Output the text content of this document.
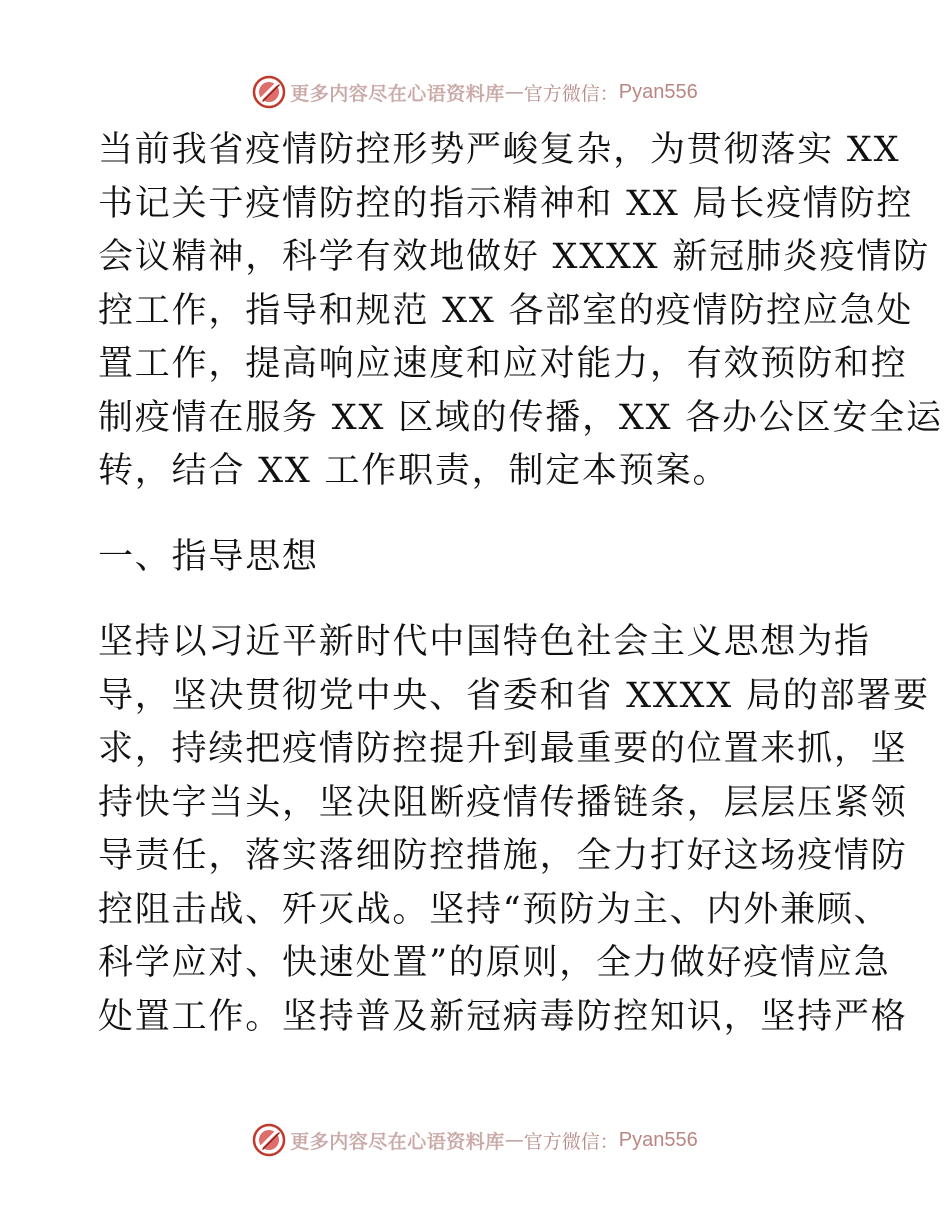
更多内容尽在心语资料库 — 官方微信： Pyan556
当前我省疫情防控形势严峻复杂，为贯彻落实 XX
书记关于疫情防控的指示精神和 XX 局长疫情防控
会议精神，科学有效地做好 XXXX 新冠肺炎疫情防
控工作，指导和规范 XX 各部室的疫情防控应急处
置工作，提高响应速度和应对能力，有效预防和控
制疫情在服务 XX 区域的传播，XX 各办公区安全运
转，结合 XX 工作职责，制定本预案。
一、指导思想
坚持以习近平新时代中国特色社会主义思想为指
导，坚决贯彻党中央、省委和省 XXXX 局的部署要
求，持续把疫情防控提升到最重要的位置来抓，坚
持快字当头，坚决阻断疫情传播链条，层层压紧领
导责任，落实落细防控措施，全力打好这场疫情防
控阻击战、歼灭战。坚持“预防为主、内外兼顾、
科学应对、快速处置”的原则，全力做好疫情应急
处置工作。坚持普及新冠病毒防控知识，坚持严格
更多内容尽在心语资料库 — 官方微信： Pyan556
